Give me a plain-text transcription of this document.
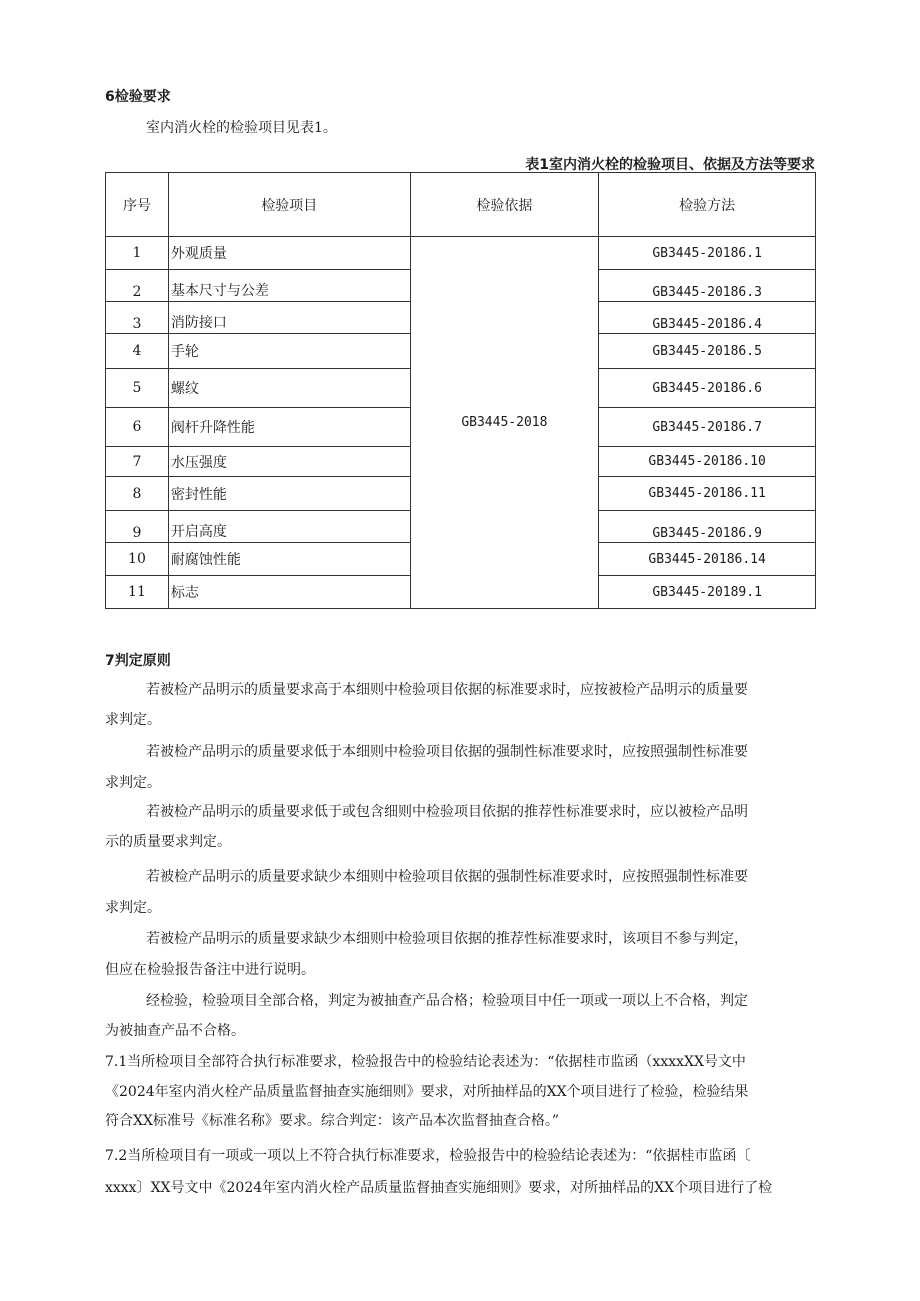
6检验要求
室内消火栓的检验项目见表1。
表1室内消火栓的检验项目、依据及方法等要求
序号	检验项目	检验依据	检验方法
1	外观质量	GB3445-2018	GB3445-20186.1
2	基本尺寸与公差		GB3445-20186.3
3	消防接口		GB3445-20186.4
4	手轮		GB3445-20186.5
5	螺纹		GB3445-20186.6
6	阀杆升降性能		GB3445-20186.7
7	水压强度		GB3445-20186.10
8	密封性能		GB3445-20186.11
9	开启高度		GB3445-20186.9
10	耐腐蚀性能		GB3445-20186.14
11	标志		GB3445-20189.1
7判定原则
若被检产品明示的质量要求高于本细则中检验项目依据的标准要求时，应按被检产品明示的质量要
求判定。
若被检产品明示的质量要求低于本细则中检验项目依据的强制性标准要求时，应按照强制性标准要
求判定。
若被检产品明示的质量要求低于或包含细则中检验项目依据的推荐性标准要求时，应以被检产品明
示的质量要求判定。
若被检产品明示的质量要求缺少本细则中检验项目依据的强制性标准要求时，应按照强制性标准要
求判定。
若被检产品明示的质量要求缺少本细则中检验项目依据的推荐性标准要求时，该项目不参与判定，
但应在检验报告备注中进行说明。
经检验，检验项目全部合格，判定为被抽查产品合格；检验项目中任一项或一项以上不合格，判定
为被抽查产品不合格。
7.1当所检项目全部符合执行标准要求，检验报告中的检验结论表述为：“依据桂市监函（xxxxXX号文中
《2024年室内消火栓产品质量监督抽查实施细则》要求，对所抽样品的XX个项目进行了检验，检验结果
符合XX标准号《标准名称》要求。综合判定：该产品本次监督抽查合格。”
7.2当所检项目有一项或一项以上不符合执行标准要求，检验报告中的检验结论表述为：“依据桂市监函〔
xxxx〕XX号文中《2024年室内消火栓产品质量监督抽查实施细则》要求，对所抽样品的XX个项目进行了检
